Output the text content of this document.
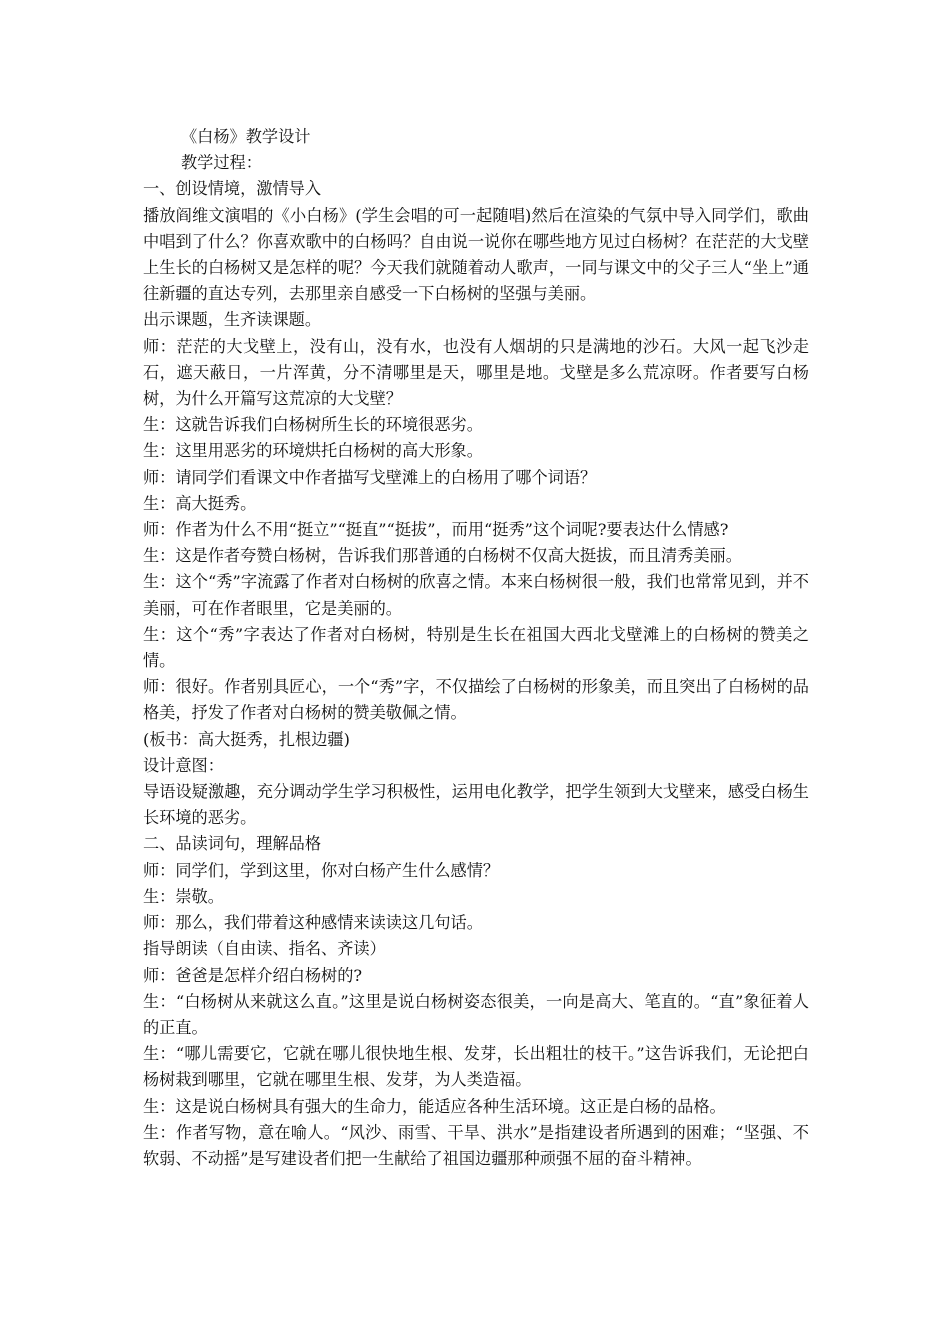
《白杨》教学设计

教学过程：

一、创设情境，激情导入

播放阎维文演唱的《小白杨》(学生会唱的可一起随唱)然后在渲染的气氛中导入同学们，歌曲中唱到了什么？你喜欢歌中的白杨吗？自由说一说你在哪些地方见过白杨树？在茫茫的大戈壁上生长的白杨树又是怎样的呢？今天我们就随着动人歌声，一同与课文中的父子三人“坐上”通往新疆的直达专列，去那里亲自感受一下白杨树的坚强与美丽。

出示课题，生齐读课题。

师：茫茫的大戈壁上，没有山，没有水，也没有人烟胡的只是满地的沙石。大风一起飞沙走石，遮天蔽日，一片浑黄，分不清哪里是天，哪里是地。戈壁是多么荒凉呀。作者要写白杨树，为什么开篇写这荒凉的大戈壁？

生：这就告诉我们白杨树所生长的环境很恶劣。

生：这里用恶劣的环境烘托白杨树的高大形象。

师：请同学们看课文中作者描写戈壁滩上的白杨用了哪个词语？

生：高大挺秀。

师：作者为什么不用“挺立”“挺直”“挺拔”，而用“挺秀”这个词呢?要表达什么情感?

生：这是作者夸赞白杨树，告诉我们那普通的白杨树不仅高大挺拔，而且清秀美丽。

生：这个“秀”字流露了作者对白杨树的欣喜之情。本来白杨树很一般，我们也常常见到，并不美丽，可在作者眼里，它是美丽的。

生：这个“秀”字表达了作者对白杨树，特别是生长在祖国大西北戈壁滩上的白杨树的赞美之情。

师：很好。作者别具匠心，一个“秀”字，不仅描绘了白杨树的形象美，而且突出了白杨树的品格美，抒发了作者对白杨树的赞美敬佩之情。

(板书：高大挺秀，扎根边疆)

设计意图：

导语设疑激趣，充分调动学生学习积极性，运用电化教学，把学生领到大戈壁来，感受白杨生长环境的恶劣。

二、品读词句，理解品格

师：同学们，学到这里，你对白杨产生什么感情？

生：崇敬。

师：那么，我们带着这种感情来读读这几句话。

指导朗读（自由读、指名、齐读）

师：爸爸是怎样介绍白杨树的?

生：“白杨树从来就这么直。”这里是说白杨树姿态很美，一向是高大、笔直的。“直”象征着人的正直。

生：“哪儿需要它，它就在哪儿很快地生根、发芽，长出粗壮的枝干。”这告诉我们，无论把白杨树栽到哪里，它就在哪里生根、发芽，为人类造福。

生：这是说白杨树具有强大的生命力，能适应各种生活环境。这正是白杨的品格。

生：作者写物，意在喻人。“风沙、雨雪、干旱、洪水”是指建设者所遇到的困难；“坚强、不软弱、不动摇”是写建设者们把一生献给了祖国边疆那种顽强不屈的奋斗精神。
